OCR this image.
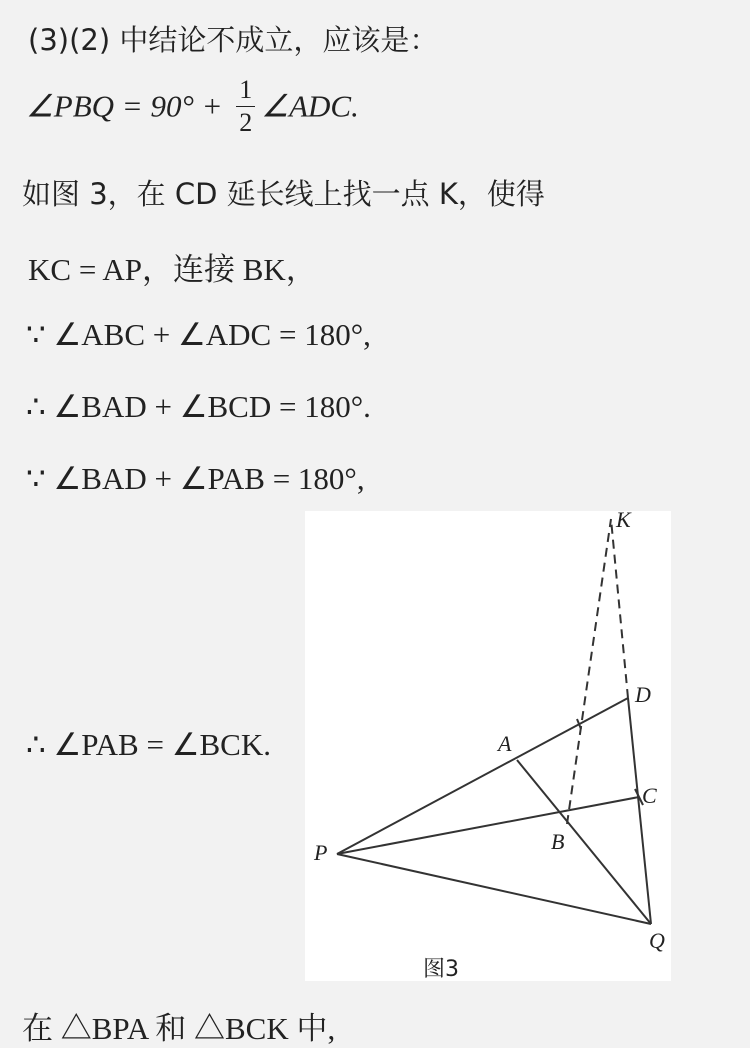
(3)(2) 中结论不成立，应该是：
∠PBQ = $90^\circ + \frac{1}{2}$ ∠ADC.
如图 3，在 CD 延长线上找一点 K，使得
KC = AP，连接 BK，
∵ ∠ABC + ∠ADC = 180°,
∴ ∠BAD + ∠BCD = 180°.
∵ ∠BAD + ∠PAB = 180°,
∴ ∠PAB = ∠BCK.
K
D
A
C
B
P
Q
图3
在 △BPA 和 △BCK 中,
